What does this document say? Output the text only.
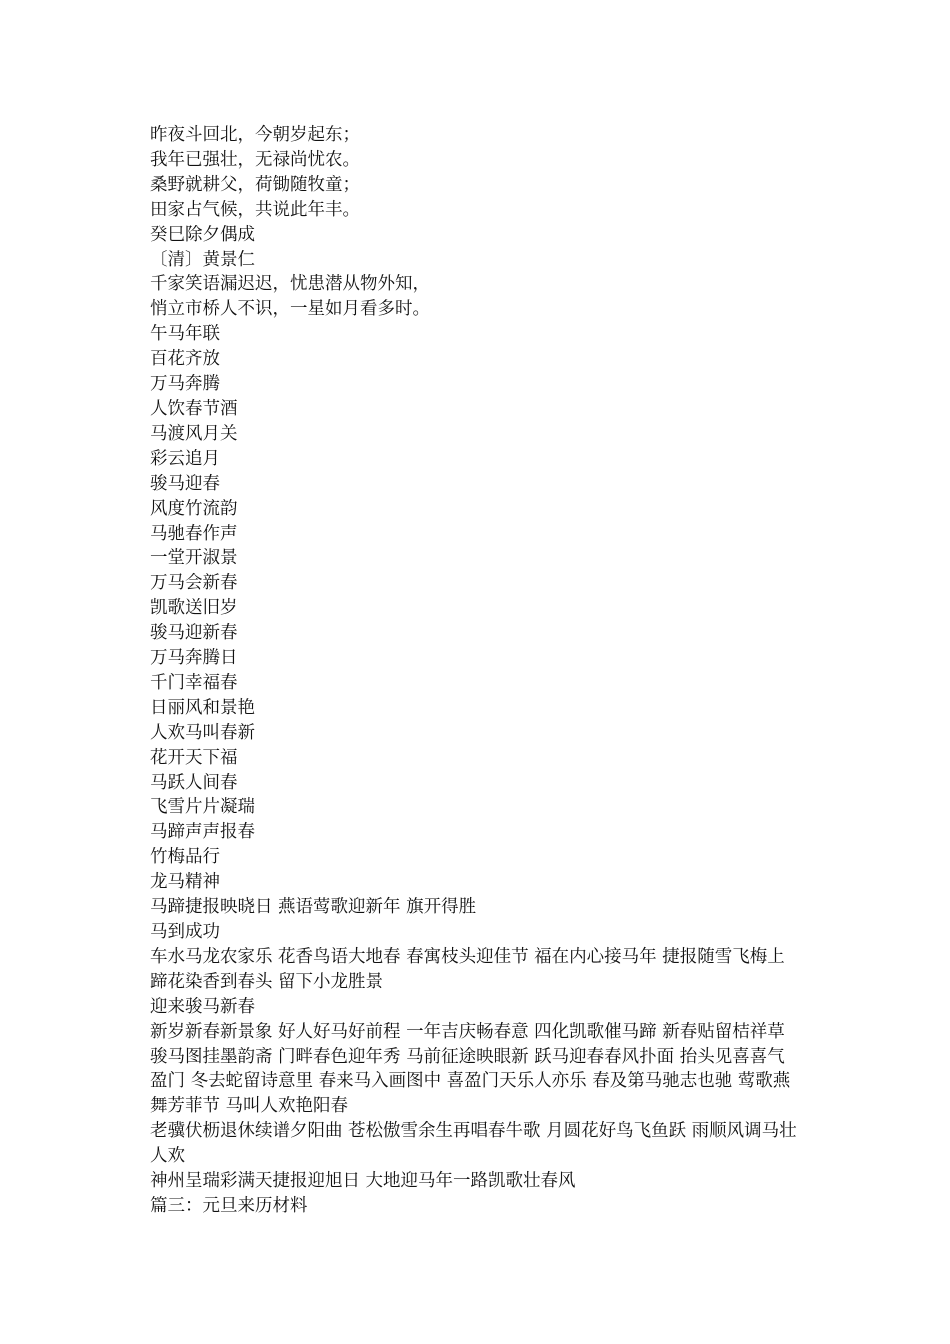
昨夜斗回北，今朝岁起东；

我年已强壮，无禄尚忧农。

桑野就耕父，荷锄随牧童；

田家占气候，共说此年丰。

癸巳除夕偶成

〔清〕黄景仁

千家笑语漏迟迟，忧患潜从物外知，

悄立市桥人不识，一星如月看多时。

午马年联

百花齐放

万马奔腾

人饮春节酒

马渡风月关

彩云追月

骏马迎春

风度竹流韵

马驰春作声

一堂开淑景

万马会新春

凯歌送旧岁

骏马迎新春

万马奔腾日

千门幸福春

日丽风和景艳

人欢马叫春新

花开天下福

马跃人间春

飞雪片片凝瑞

马蹄声声报春

竹梅品行

龙马精神

马蹄捷报映晓日 燕语莺歌迎新年 旗开得胜

马到成功

车水马龙农家乐 花香鸟语大地春 春寓枝头迎佳节 福在内心接马年 捷报随雪飞梅上 蹄花染香到春头 留下小龙胜景

迎来骏马新春

新岁新春新景象 好人好马好前程 一年吉庆畅春意 四化凯歌催马蹄 新春贴留桔祥草 骏马图挂墨韵斋 门畔春色迎年秀 马前征途映眼新 跃马迎春春风扑面 抬头见喜喜气盈门 冬去蛇留诗意里 春来马入画图中 喜盈门天乐人亦乐 春及第马驰志也驰 莺歌燕舞芳菲节 马叫人欢艳阳春

老骥伏枥退休续谱夕阳曲 苍松傲雪余生再唱春牛歌 月圆花好鸟飞鱼跃 雨顺风调马壮人欢

神州呈瑞彩满天捷报迎旭日 大地迎马年一路凯歌壮春风

篇三：元旦来历材料
